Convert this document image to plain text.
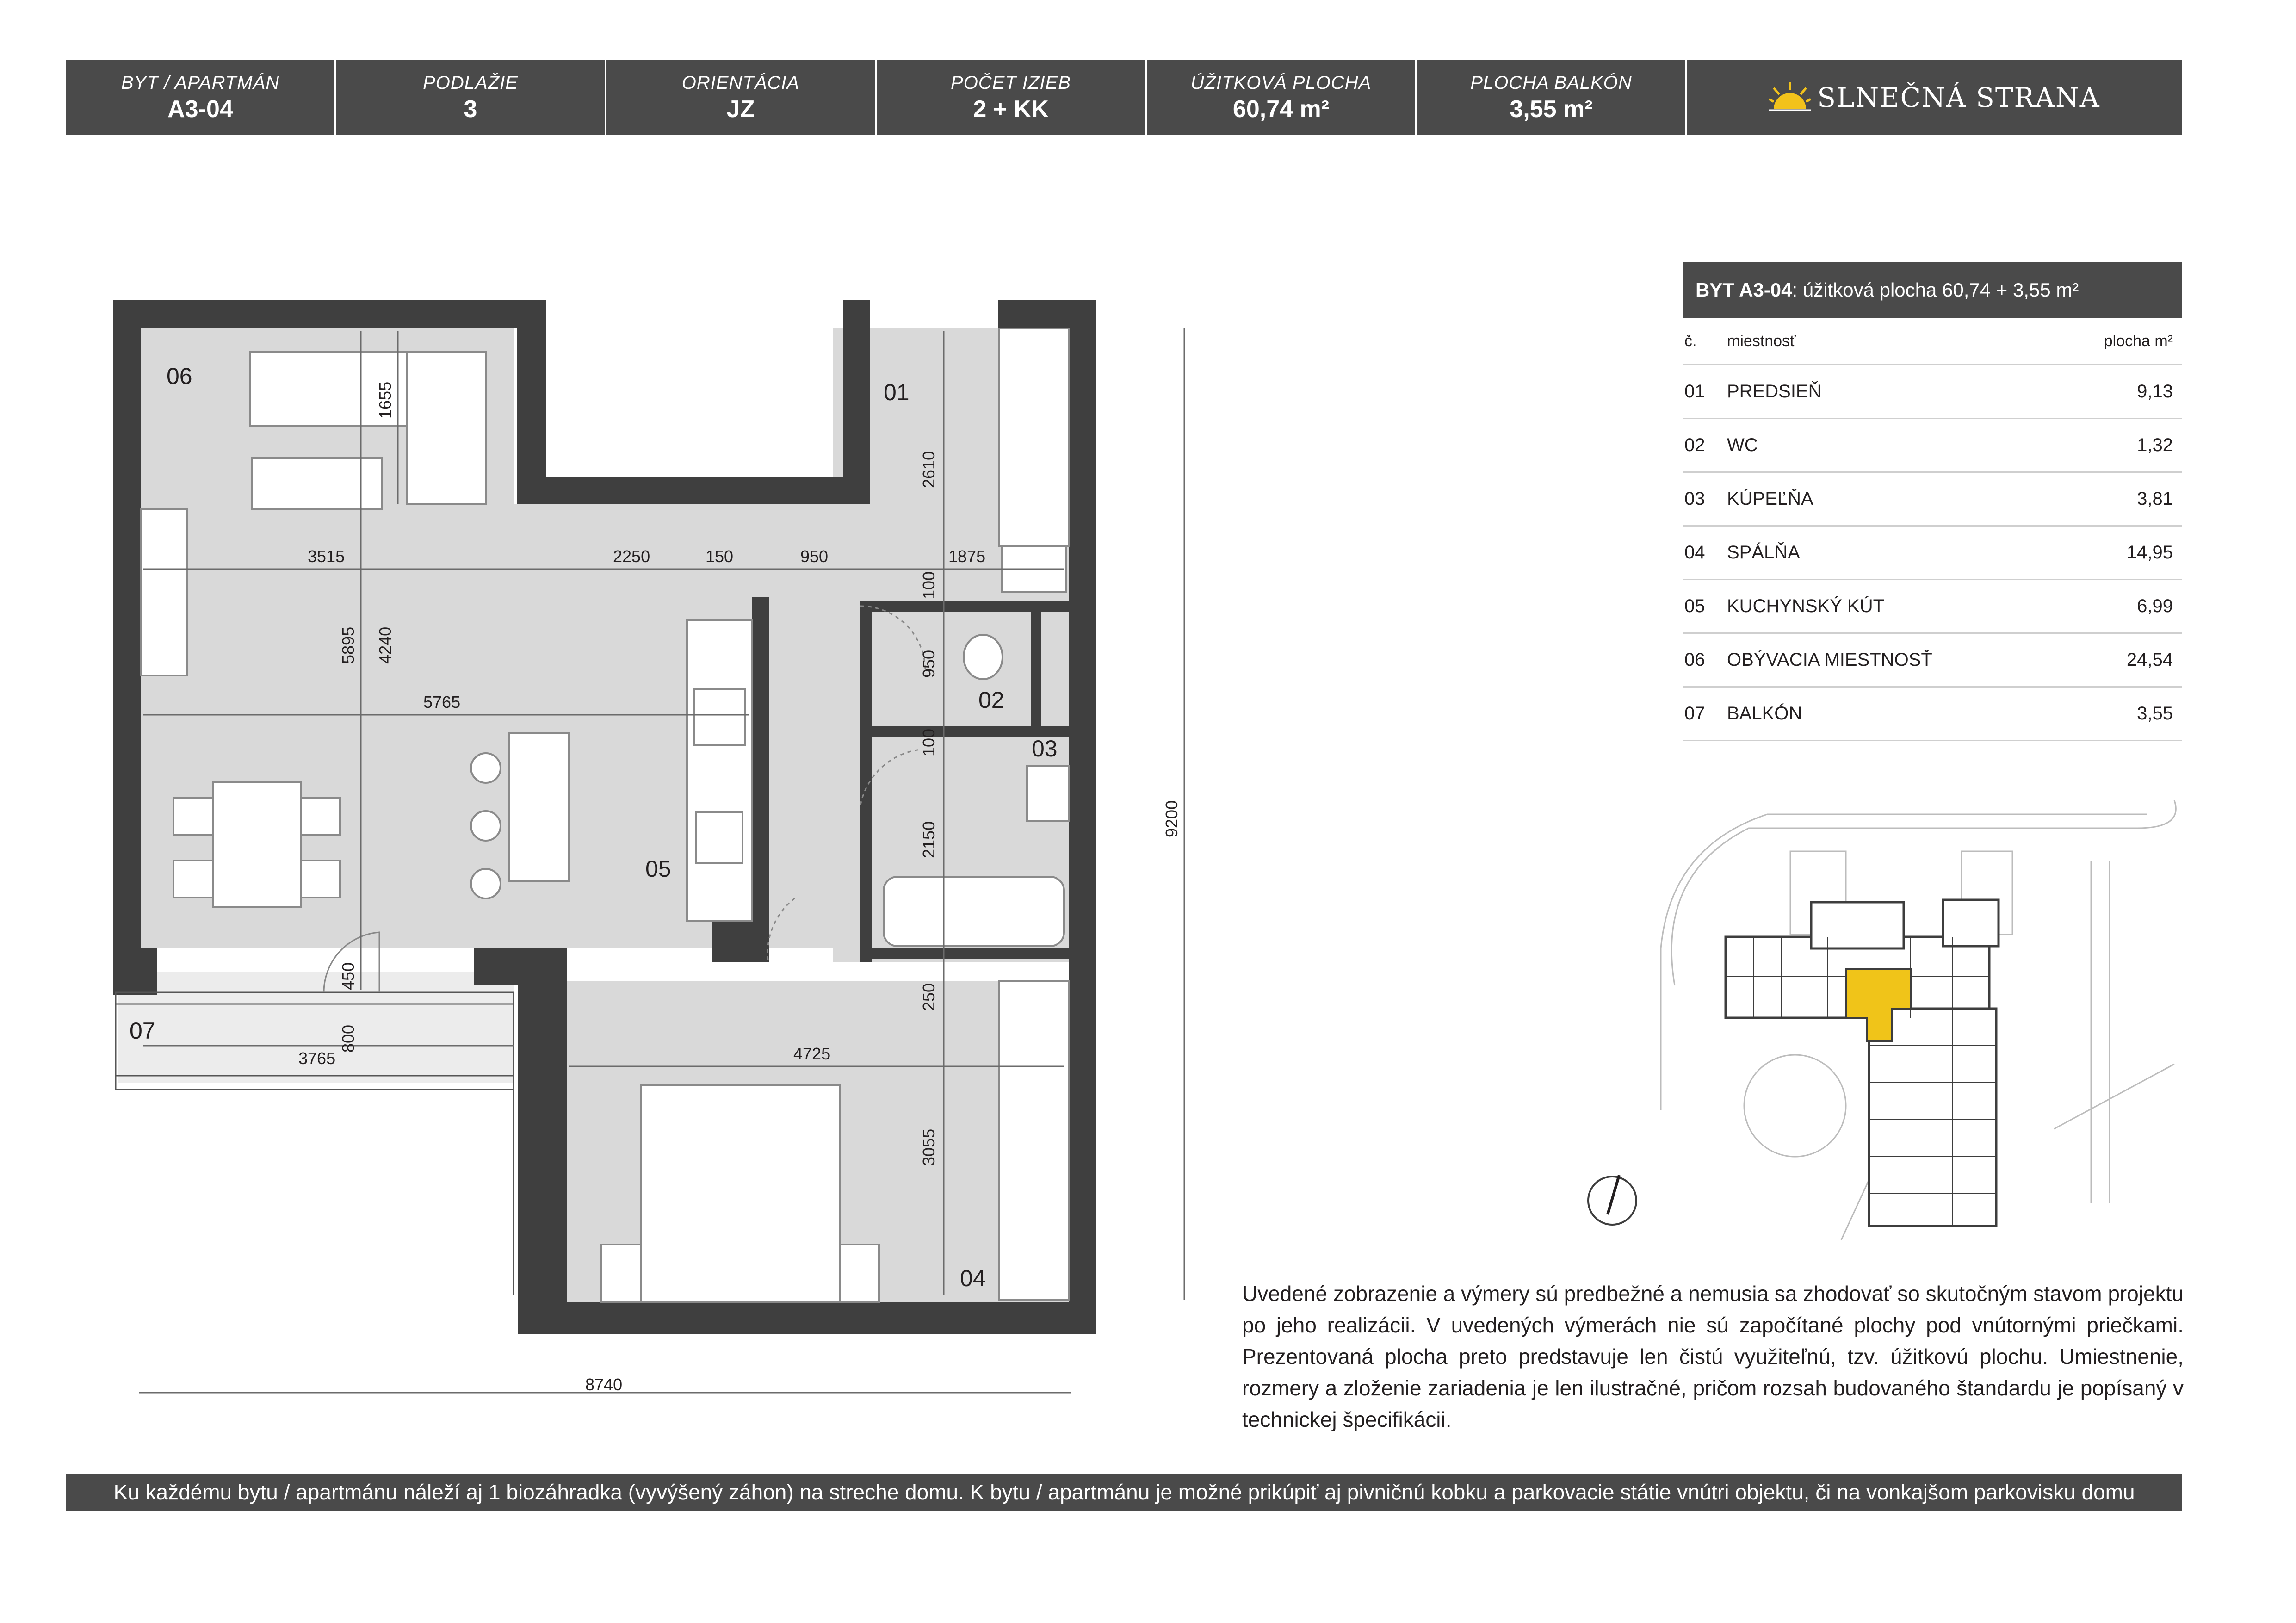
BYT / APARTMÁN
A3-04
PODLAŽIE
3
ORIENTÁCIA
JZ
POČET IZIEB
2 + KK
ÚŽITKOVÁ PLOCHA
60,74 m²
PLOCHA BALKÓN
3,55 m²	SLNEČNÁ STRANA
06
01
02
03
05
07
04
1655
2610
3515	2250	150	950	1875
100
950
100
2150
5895 4240
5765
450
800
250
3765	4725
3055
9200
8740
BYT A3-04 : úžitková plocha 60,74 + 3,55 m²
č.	miestnosť	plocha m²
01	PREDSIEŇ	9,13
02	WC	1,32
03	KÚPEĽŇA	3,81
04	SPÁLŇA	14,95
05	KUCHYNSKÝ KÚT	6,99
06	OBÝVACIA MIESTNOSŤ	24,54
07	BALKÓN	3,55
Uvedené zobrazenie a výmery sú predbežné a nemusia sa zhodovať so skutočným stavom projektu po jeho realizácii. V uvedených výmerách nie sú započítané plochy pod vnútornými priečkami. Prezentovaná plocha preto predstavuje len čistú využiteľnú, tzv. úžitkovú plochu. Umiestnenie, rozmery a zloženie zariadenia je len ilustračné, pričom rozsah budovaného štandardu je popísaný v technickej špecifikácii.
Ku každému bytu / apartmánu náleží aj 1 biozáhradka (vyvýšený záhon) na streche domu. K bytu / apartmánu je možné prikúpiť aj pivničnú kobku a parkovacie státie vnútri objektu, či na vonkajšom parkovisku domu
